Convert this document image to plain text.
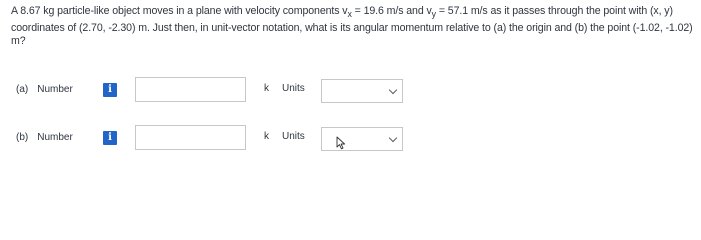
A 8.67 kg particle-like object moves in a plane with velocity components $v_x = 19.6$ m/s and $v_y = 57.1$ m/s as it passes through the point with (x, y) coordinates of (2.70, -2.30) m. Just then, in unit-vector notation, what is its angular momentum relative to (a) the origin and (b) the point (-1.02, -1.02) m?
(a) Number	i	k Units
(b) Number	i	k Units
